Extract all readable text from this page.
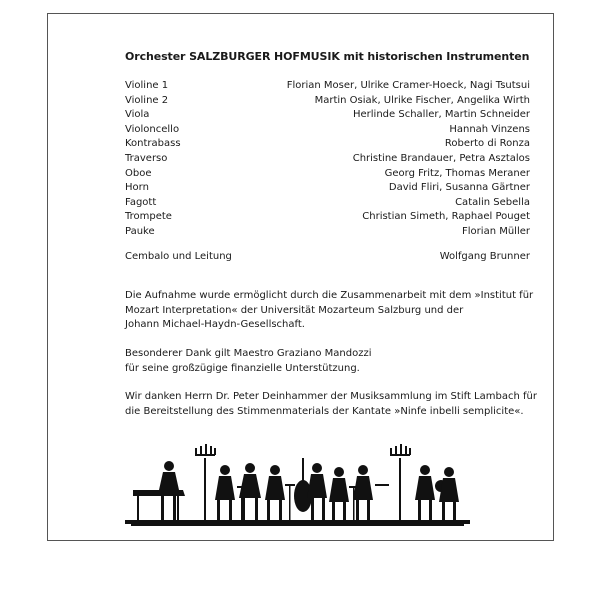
Orchester SALZBURGER HOFMUSIK mit historischen Instrumenten
Violine 1	Florian Moser, Ulrike Cramer-Hoeck, Nagi Tsutsui
Violine 2	Martin Osiak, Ulrike Fischer, Angelika Wirth
Viola	Herlinde Schaller, Martin Schneider
Violoncello	Hannah Vinzens
Kontrabass	Roberto di Ronza
Traverso	Christine Brandauer, Petra Asztalos
Oboe	Georg Fritz, Thomas Meraner
Horn	David Fliri, Susanna Gärtner
Fagott	Catalin Sebella
Trompete	Christian Simeth, Raphael Pouget
Pauke	Florian Müller
Cembalo und Leitung	Wolfgang Brunner
Die Aufnahme wurde ermöglicht durch die Zusammenarbeit mit dem »Institut für
Mozart Interpretation« der Universität Mozarteum Salzburg und der
Johann Michael-Haydn-Gesellschaft.
Besonderer Dank gilt Maestro Graziano Mandozzi
für seine großzügige finanzielle Unterstützung.
Wir danken Herrn Dr. Peter Deinhammer der Musiksammlung im Stift Lambach für
die Bereitstellung des Stimmenmaterials der Kantate »Ninfe inbelli semplicite«.
